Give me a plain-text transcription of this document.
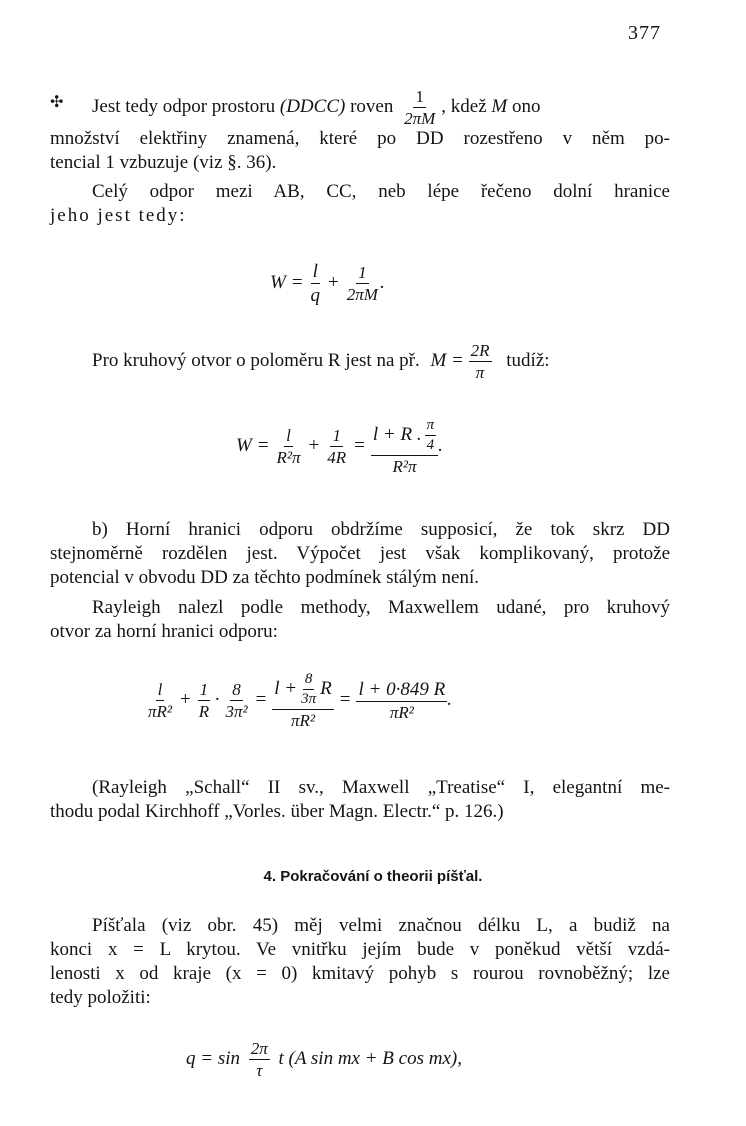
377
✣ Jest tedy odpor prostoru (DDCC) roven $\frac{1}{2\pi M}$ , kdež M ono
množství elektřiny znamená, které po DD rozestřeno v něm po-
tencial 1 vzbuzuje (viz §. 36).
Celý odpor mezi AB, CC, neb lépe řečeno dolní hranice
jeho jest tedy:
$W = \frac{l}{q} + \frac{1}{2\pi M}$ .
Pro kruhový otvor o poloměru R jest na př. $M = \frac{2R}{\pi}$ tudíž:
$W = \frac{l}{\text{R²π}} + \frac{1}{4R} = \frac{l + R . \frac{\pi}{4}}{\text{R²π}}$ .
b) Horní hranici odporu obdržíme supposicí, že tok skrz DD
stejnoměrně rozdělen jest. Výpočet jest však komplikovaný, protože
potencial v obvodu DD za těchto podmínek stálým není.
Rayleigh nalezl podle methody, Maxwellem udané, pro kruhový
otvor za horní hranici odporu:
$\frac{l}{\text{πR²}} + \frac{1}{R} \cdot \frac{8}{\text{3π²}} = \frac{l + \frac{8}{3\pi} R}{\text{πR²}} = \frac{l + 0\cdot 849 R}{\text{πR²}}$ .
(Rayleigh „Schall“ II sv., Maxwell „Treatise“ I, elegantní me-
thodu podal Kirchhoff „Vorles. über Magn. Electr.“ p. 126.)
4. Pokračování o theorii píšťal.
Píšťala (viz obr. 45) měj velmi značnou délku L, a budiž na
konci x = L krytou. Ve vnitřku jejím bude v poněkud větší vzdá-
lenosti x od kraje (x = 0) kmitavý pohyb s rourou rovnoběžný; lze
tedy položiti:
$q = \sin \frac{2\pi}{\tau}$ t (A sin mx + B cos mx),
